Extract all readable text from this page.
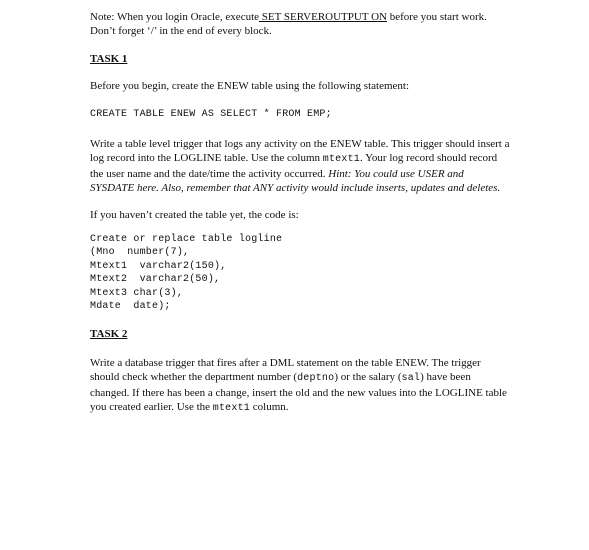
Note: When you login Oracle, execute SET SERVEROUTPUT ON before you start work. Don’t forget ‘/’ in the end of every block.

TASK 1

Before you begin, create the ENEW table using the following statement:

CREATE TABLE ENEW AS SELECT * FROM EMP;

Write a table level trigger that logs any activity on the ENEW table. This trigger should insert a log record into the LOGLINE table. Use the column mtext1. Your log record should record the user name and the date/time the activity occurred. Hint: You could use USER and SYSDATE here. Also, remember that ANY activity would include inserts, updates and deletes.

If you haven’t created the table yet, the code is:

Create or replace table logline
(Mno  number(7),
Mtext1  varchar2(150),
Mtext2  varchar2(50),
Mtext3 char(3),
Mdate  date);
TASK 2

Write a database trigger that fires after a DML statement on the table ENEW. The trigger should check whether the department number (deptno) or the salary (sal) have been changed. If there has been a change, insert the old and the new values into the LOGLINE table you created earlier. Use the mtext1 column.
